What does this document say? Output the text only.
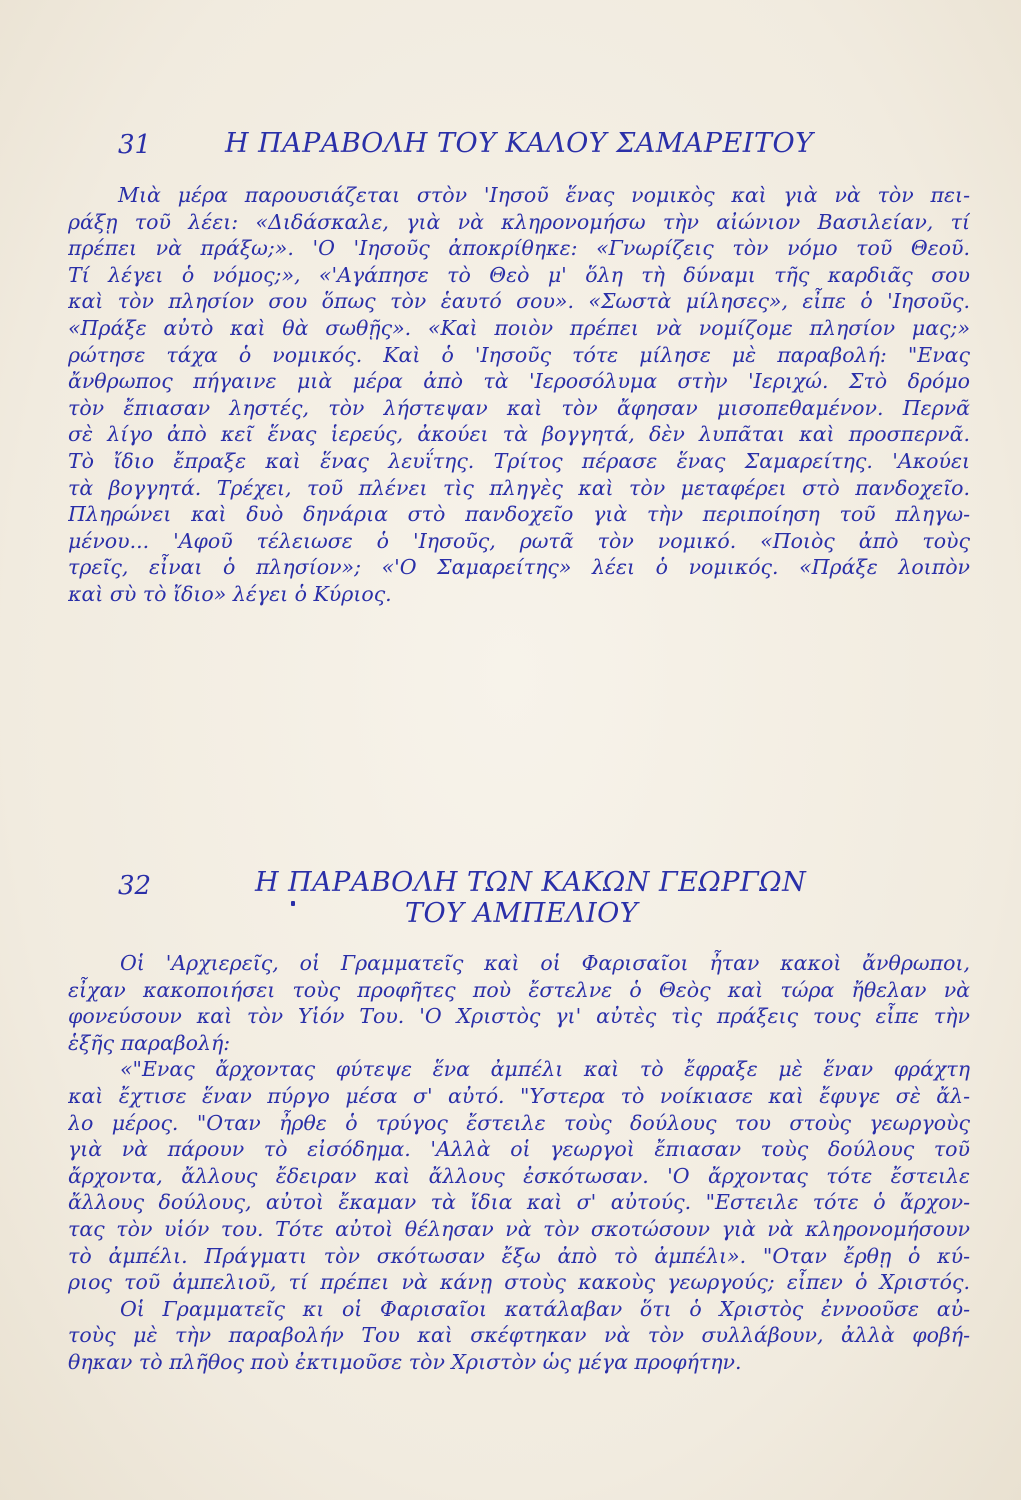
31	Η ΠΑΡΑΒΟΛΗ ΤΟΥ ΚΑΛΟΥ ΣΑΜΑΡΕΙΤΟΥ
Μιὰ μέρα παρουσιάζεται στὸν 'Ιησοῦ ἕνας νομικὸς καὶ γιὰ νὰ τὸν πει-
ράξῃ τοῦ λέει: «Διδάσκαλε, γιὰ νὰ κληρονομήσω τὴν αἰώνιον Βασιλείαν, τί
πρέπει νὰ πράξω;». 'Ο 'Ιησοῦς ἀποκρίθηκε: «Γνωρίζεις τὸν νόμο τοῦ Θεοῦ.
Τί λέγει ὁ νόμος;», «'Αγάπησε τὸ Θεὸ μ' ὅλη τὴ δύναμι τῆς καρδιᾶς σου
καὶ τὸν πλησίον σου ὅπως τὸν ἑαυτό σου». «Σωστὰ μίλησες», εἶπε ὁ 'Ιησοῦς.
«Πράξε αὐτὸ καὶ θὰ σωθῇς». «Καὶ ποιὸν πρέπει νὰ νομίζομε πλησίον μας;»
ρώτησε τάχα ὁ νομικός. Καὶ ὁ 'Ιησοῦς τότε μίλησε μὲ παραβολή: "Ενας
ἄνθρωπος πήγαινε μιὰ μέρα ἀπὸ τὰ 'Ιεροσόλυμα στὴν 'Ιεριχώ. Στὸ δρόμο
τὸν ἔπιασαν ληστές, τὸν λήστεψαν καὶ τὸν ἄφησαν μισοπεθαμένον. Περνᾶ
σὲ λίγο ἀπὸ κεῖ ἕνας ἱερεύς, ἀκούει τὰ βογγητά, δὲν λυπᾶται καὶ προσπερνᾶ.
Τὸ ἴδιο ἔπραξε καὶ ἕνας λευΐτης. Τρίτος πέρασε ἕνας Σαμαρείτης. 'Ακούει
τὰ βογγητά. Τρέχει, τοῦ πλένει τὶς πληγὲς καὶ τὸν μεταφέρει στὸ πανδοχεῖο.
Πληρώνει καὶ δυὸ δηνάρια στὸ πανδοχεῖο γιὰ τὴν περιποίηση τοῦ πληγω-
μένου... 'Αφοῦ τέλειωσε ὁ 'Ιησοῦς, ρωτᾶ τὸν νομικό. «Ποιὸς ἀπὸ τοὺς
τρεῖς, εἶναι ὁ πλησίον»; «'Ο Σαμαρείτης» λέει ὁ νομικός. «Πράξε λοιπὸν
καὶ σὺ τὸ ἴδιο» λέγει ὁ Κύριος.
32	Η ΠΑΡΑΒΟΛΗ ΤΩΝ ΚΑΚΩΝ ΓΕΩΡΓΩΝ
ΤΟΥ ΑΜΠΕΛΙΟΥ
Οἱ 'Αρχιερεῖς, οἱ Γραμματεῖς καὶ οἱ Φαρισαῖοι ἦταν κακοὶ ἄνθρωποι,
εἶχαν κακοποιήσει τοὺς προφῆτες ποὺ ἔστελνε ὁ Θεὸς καὶ τώρα ἤθελαν νὰ
φονεύσουν καὶ τὸν Υἱόν Του. 'Ο Χριστὸς γι' αὐτὲς τὶς πράξεις τους εἶπε τὴν
ἑξῆς παραβολή:
«"Ενας ἄρχοντας φύτεψε ἕνα ἀμπέλι καὶ τὸ ἔφραξε μὲ ἕναν φράχτη
καὶ ἔχτισε ἕναν πύργο μέσα σ' αὐτό. "Υστερα τὸ νοίκιασε καὶ ἔφυγε σὲ ἄλ-
λο μέρος. "Οταν ἦρθε ὁ τρύγος ἔστειλε τοὺς δούλους του στοὺς γεωργοὺς
γιὰ νὰ πάρουν τὸ εἰσόδημα. 'Αλλὰ οἱ γεωργοὶ ἔπιασαν τοὺς δούλους τοῦ
ἄρχοντα, ἄλλους ἔδειραν καὶ ἄλλους ἐσκότωσαν. 'Ο ἄρχοντας τότε ἔστειλε
ἄλλους δούλους, αὐτοὶ ἔκαμαν τὰ ἴδια καὶ σ' αὐτούς. "Εστειλε τότε ὁ ἄρχον-
τας τὸν υἱόν του. Τότε αὐτοὶ θέλησαν νὰ τὸν σκοτώσουν γιὰ νὰ κληρονομήσουν
τὸ ἀμπέλι. Πράγματι τὸν σκότωσαν ἔξω ἀπὸ τὸ ἀμπέλι». "Οταν ἔρθῃ ὁ κύ-
ριος τοῦ ἀμπελιοῦ, τί πρέπει νὰ κάνῃ στοὺς κακοὺς γεωργούς; εἶπεν ὁ Χριστός.
Οἱ Γραμματεῖς κι οἱ Φαρισαῖοι κατάλαβαν ὅτι ὁ Χριστὸς ἐννοοῦσε αὐ-
τοὺς μὲ τὴν παραβολήν Του καὶ σκέφτηκαν νὰ τὸν συλλάβουν, ἀλλὰ φοβή-
θηκαν τὸ πλῆθος ποὺ ἐκτιμοῦσε τὸν Χριστὸν ὡς μέγα προφήτην.
